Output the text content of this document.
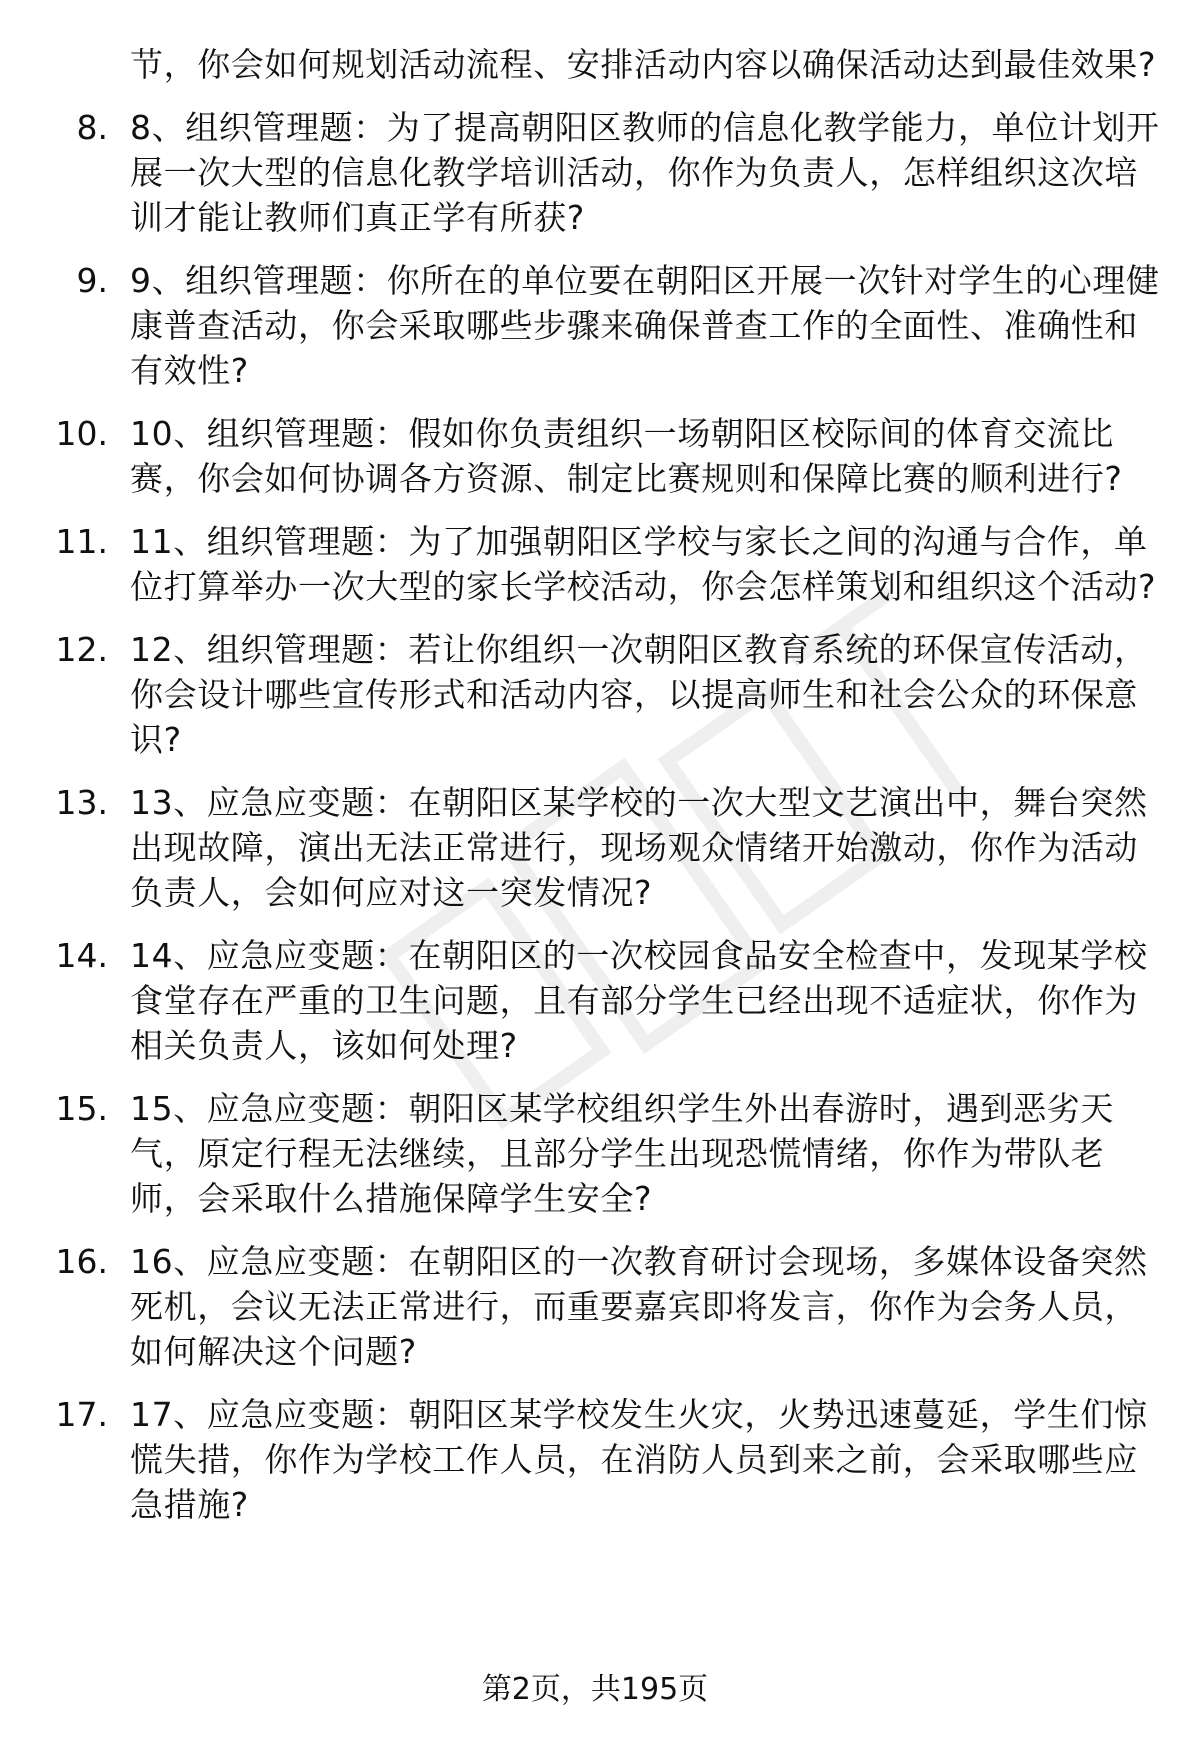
节，你会如何规划活动流程、安排活动内容以确保活动达到最佳效果?
8. 8、组织管理题：为了提高朝阳区教师的信息化教学能力，单位计划开展一次大型的信息化教学培训活动，你作为负责人，怎样组织这次培训才能让教师们真正学有所获?
9. 9、组织管理题：你所在的单位要在朝阳区开展一次针对学生的心理健康普查活动，你会采取哪些步骤来确保普查工作的全面性、准确性和有效性?
10. 10、组织管理题：假如你负责组织一场朝阳区校际间的体育交流比赛，你会如何协调各方资源、制定比赛规则和保障比赛的顺利进行?
11. 11、组织管理题：为了加强朝阳区学校与家长之间的沟通与合作，单位打算举办一次大型的家长学校活动，你会怎样策划和组织这个活动?
12. 12、组织管理题：若让你组织一次朝阳区教育系统的环保宣传活动，你会设计哪些宣传形式和活动内容，以提高师生和社会公众的环保意识?
13. 13、应急应变题：在朝阳区某学校的一次大型文艺演出中，舞台突然出现故障，演出无法正常进行，现场观众情绪开始激动，你作为活动负责人，会如何应对这一突发情况?
14. 14、应急应变题：在朝阳区的一次校园食品安全检查中，发现某学校食堂存在严重的卫生问题，且有部分学生已经出现不适症状，你作为相关负责人，该如何处理?
15. 15、应急应变题：朝阳区某学校组织学生外出春游时，遇到恶劣天气，原定行程无法继续，且部分学生出现恐慌情绪，你作为带队老师，会采取什么措施保障学生安全?
16. 16、应急应变题：在朝阳区的一次教育研讨会现场，多媒体设备突然死机，会议无法正常进行，而重要嘉宾即将发言，你作为会务人员，如何解决这个问题?
17. 17、应急应变题：朝阳区某学校发生火灾，火势迅速蔓延，学生们惊慌失措，你作为学校工作人员，在消防人员到来之前，会采取哪些应急措施?
第2页，共195页
